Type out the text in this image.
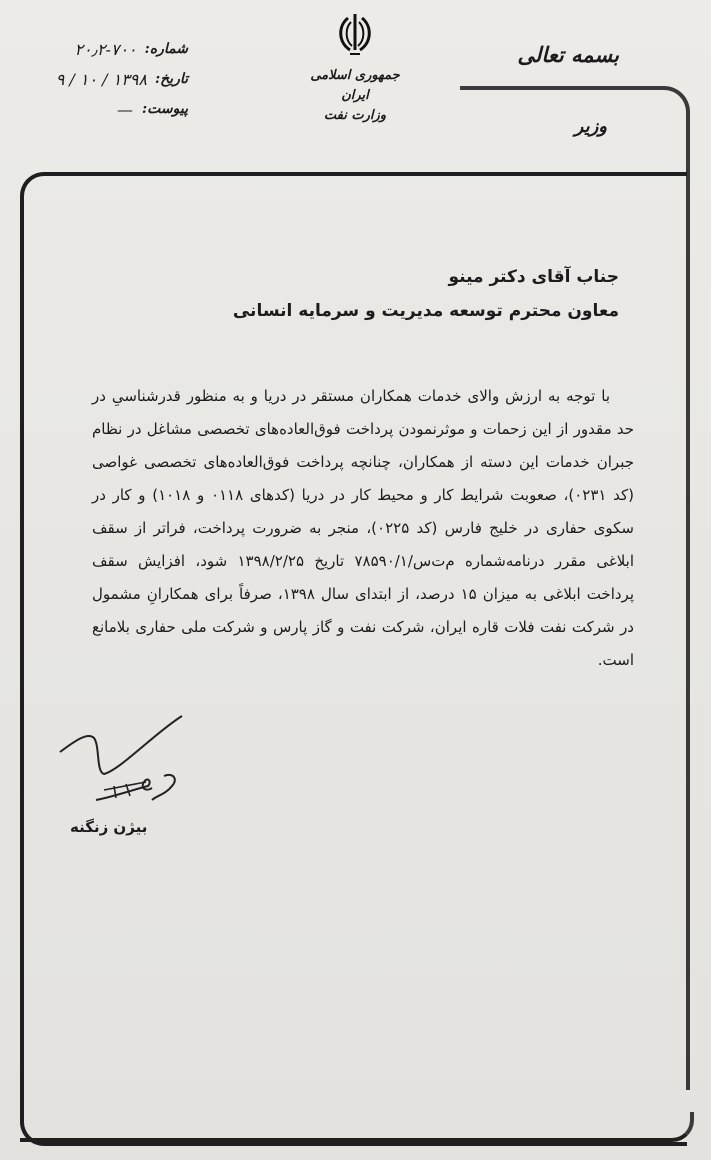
بسمه تعالی
وزیر
جمهوری اسلامی ایران
وزارت نفت
شماره:
۲۰٫۲-۷۰۰
تاریخ:
۱۳۹۸ / ۱۰ / ۹
پیوست:
—
جناب آقای دکتر مینو
معاون محترم توسعه مدیریت و سرمایه انسانی

با توجه به ارزش والای خدمات همکاران مستقر در دریا و به منظور قدرشناسیِ در حد مقدور از این زحمات و موثرنمودن پرداخت فوق‌العاده‌های تخصصی مشاغل در نظام جبران خدمات این دسته از همکاران، چنانچه پرداخت فوق‌العاده‌های تخصصی غواصی (کد ۰۲۳۱)، صعوبت شرایط کار و محیط کار در دریا (کدهای ۰۱۱۸ و ۱۰۱۸) و کار در سکوی حفاری در خلیج فارس (کد ۰۲۲۵)، منجر به ضرورت پرداخت، فراتر از سقف ابلاغی مقرر درنامه‌شماره م‌ت‌س/۷۸۵۹۰/۱ تاریخ ۱۳۹۸/۲/۲۵ شود، افزایش سقف پرداخت ابلاغی به میزان ۱۵ درصد، از ابتدای سال ۱۳۹۸، صرفاً برای همکارانِ مشمول در شرکت نفت فلات قاره ایران، شرکت نفت و گاز پارس و شرکت ملی حفاری بلامانع است.

بیژن زنگنه
